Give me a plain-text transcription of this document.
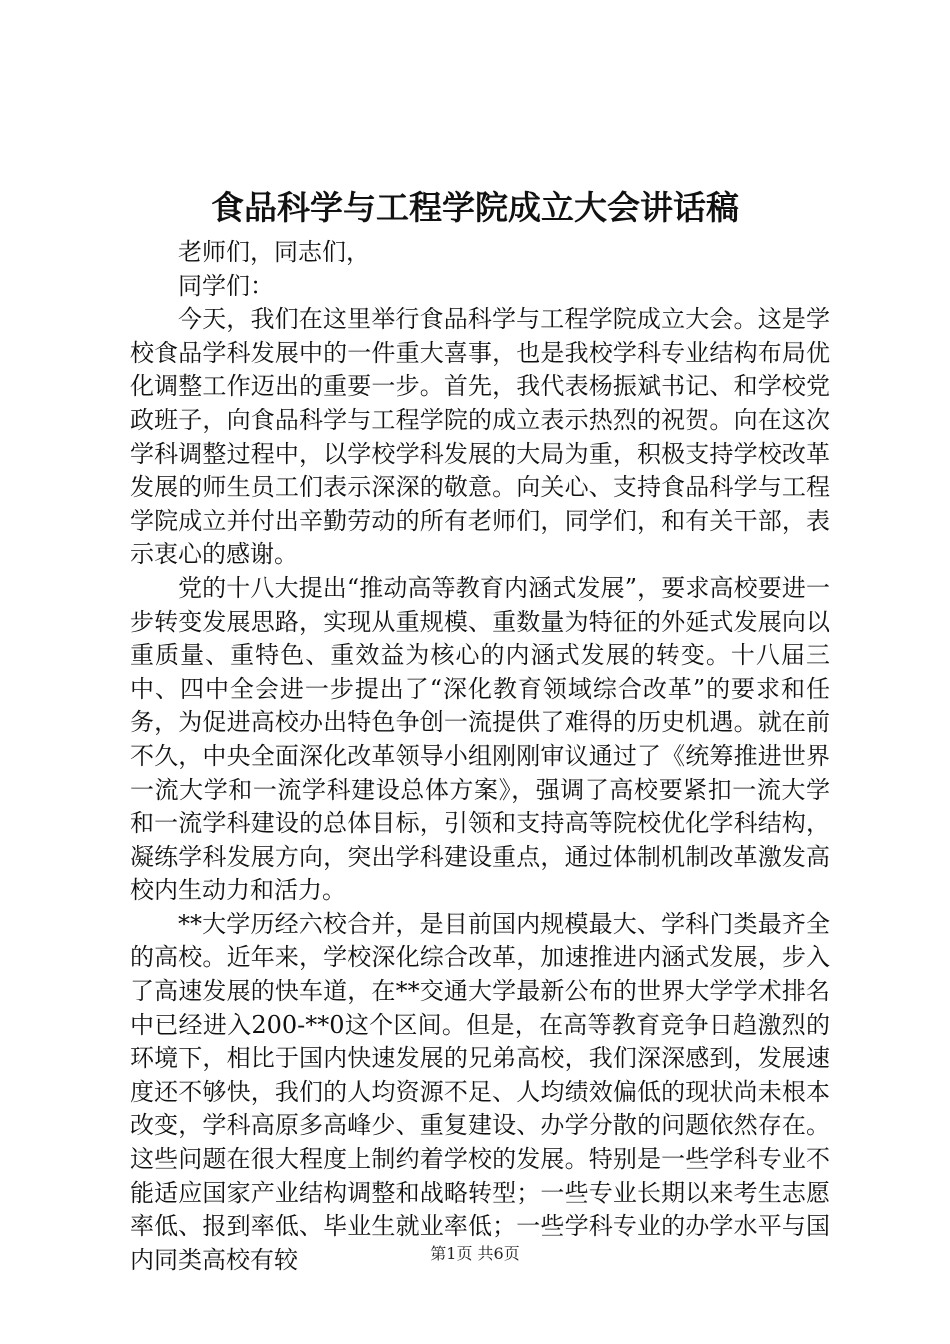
食品科学与工程学院成立大会讲话稿

老师们，同志们，

同学们：

今天，我们在这里举行食品科学与工程学院成立大会。这是学校食品学科发展中的一件重大喜事，也是我校学科专业结构布局优化调整工作迈出的重要一步。首先，我代表杨振斌书记、和学校党政班子，向食品科学与工程学院的成立表示热烈的祝贺。向在这次学科调整过程中，以学校学科发展的大局为重，积极支持学校改革发展的师生员工们表示深深的敬意。向关心、支持食品科学与工程学院成立并付出辛勤劳动的所有老师们，同学们，和有关干部，表示衷心的感谢。

党的十八大提出“推动高等教育内涵式发展”，要求高校要进一步转变发展思路，实现从重规模、重数量为特征的外延式发展向以重质量、重特色、重效益为核心的内涵式发展的转变。十八届三中、四中全会进一步提出了“深化教育领域综合改革”的要求和任务，为促进高校办出特色争创一流提供了难得的历史机遇。就在前不久，中央全面深化改革领导小组刚刚审议通过了《统筹推进世界一流大学和一流学科建设总体方案》，强调了高校要紧扣一流大学和一流学科建设的总体目标，引领和支持高等院校优化学科结构，凝练学科发展方向，突出学科建设重点，通过体制机制改革激发高校内生动力和活力。

**大学历经六校合并，是目前国内规模最大、学科门类最齐全的高校。近年来，学校深化综合改革，加速推进内涵式发展，步入了高速发展的快车道，在**交通大学最新公布的世界大学学术排名中已经进入200-**0这个区间。但是，在高等教育竞争日趋激烈的环境下，相比于国内快速发展的兄弟高校，我们深深感到，发展速度还不够快，我们的人均资源不足、人均绩效偏低的现状尚未根本改变，学科高原多高峰少、重复建设、办学分散的问题依然存在。这些问题在很大程度上制约着学校的发展。特别是一些学科专业不能适应国家产业结构调整和战略转型；一些专业长期以来考生志愿率低、报到率低、毕业生就业率低；一些学科专业的办学水平与国内同类高校有较	第1页 共6页
